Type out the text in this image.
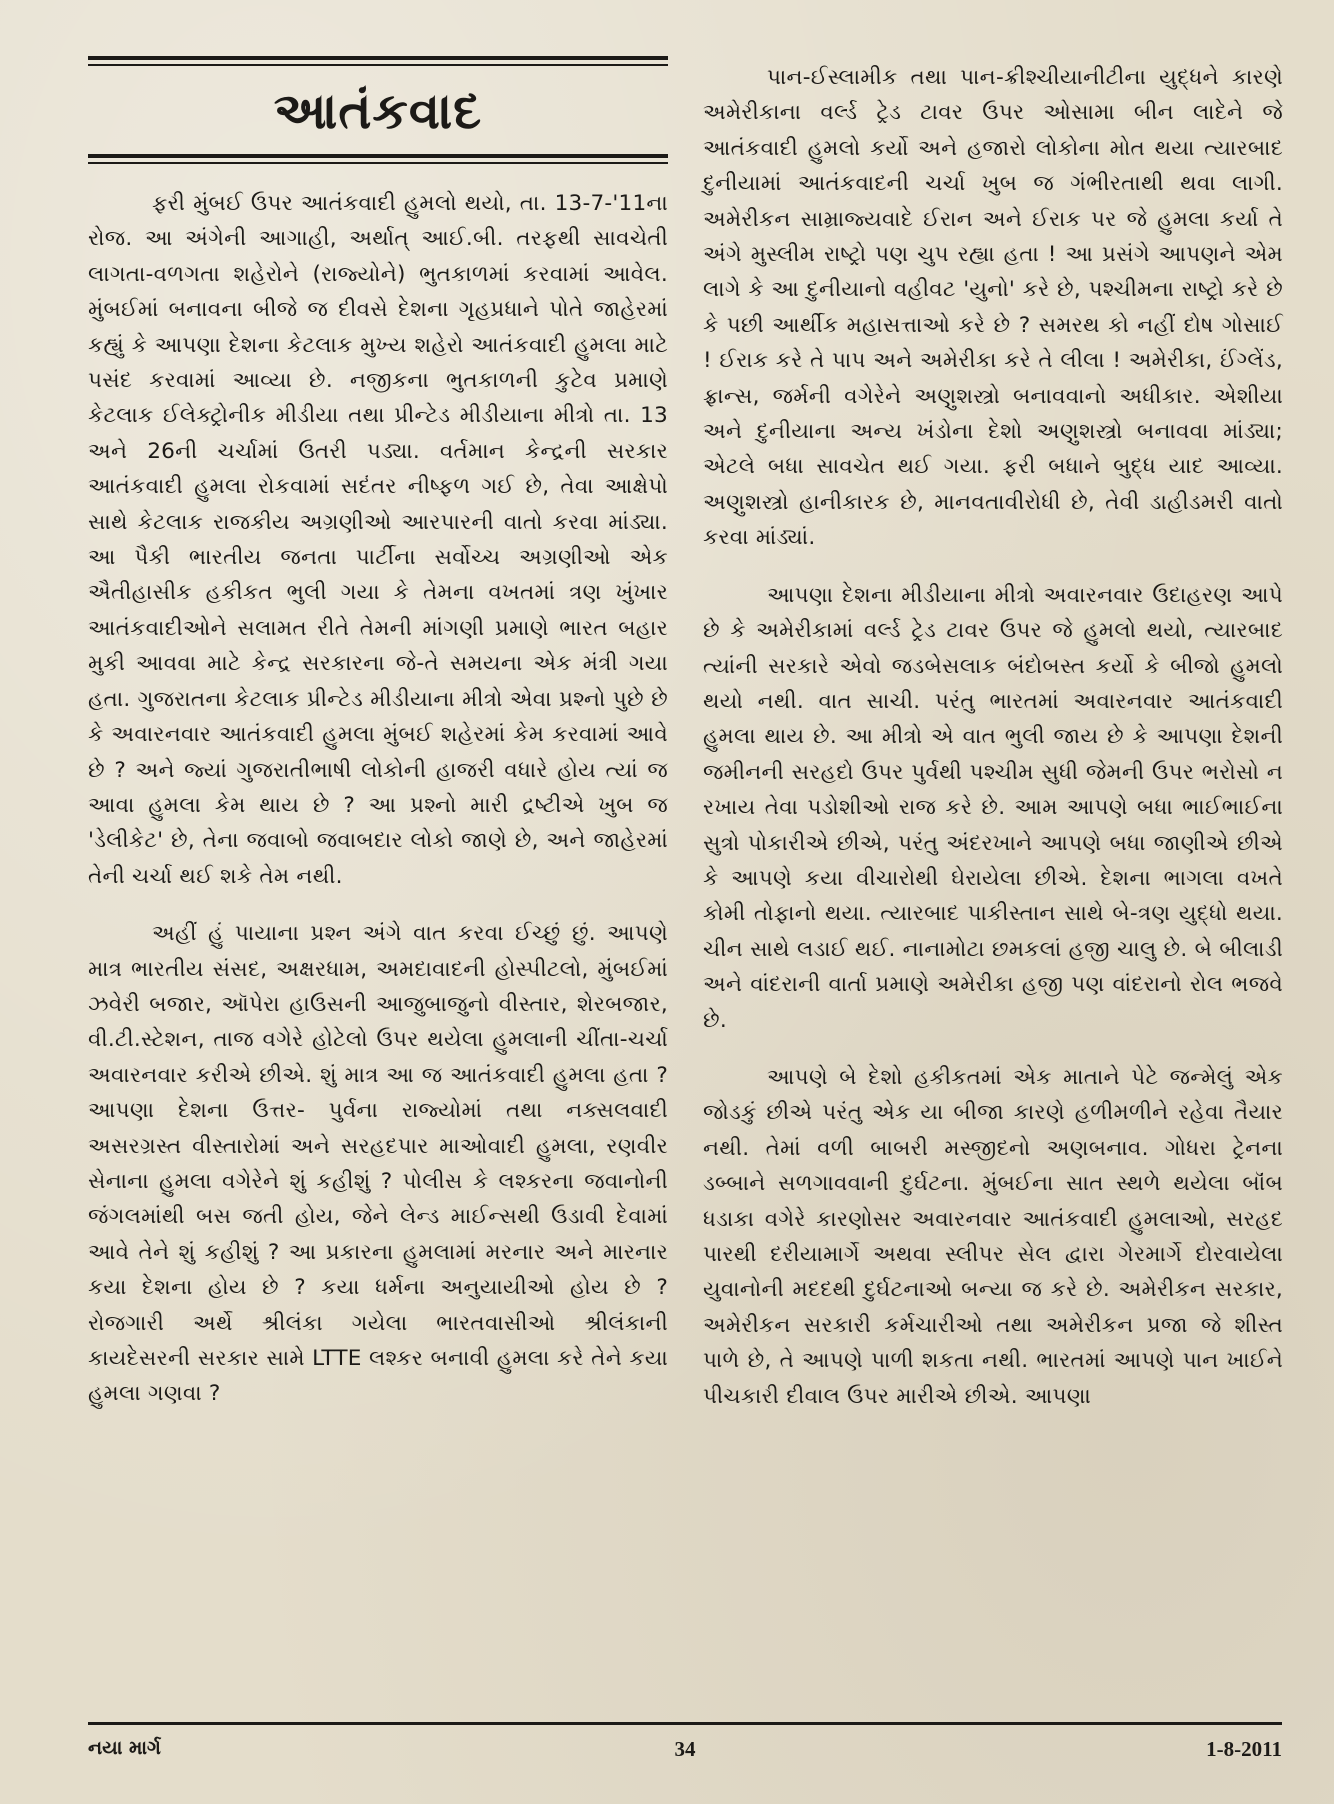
આતંકવાદ

ફરી મુંબઈ ઉપર આતંકવાદી હુમલો થયો, તા. 13-7-'11ના રોજ. આ અંગેની આગાહી, અર્થાત્ આઈ.બી. તરફથી સાવચેતી લાગતા-વળગતા શહેરોને (રાજ્યોને) ભુતકાળમાં કરવામાં આવેલ. મુંબઈમાં બનાવના બીજે જ દીવસે દેશના ગૃહપ્રધાને પોતે જાહેરમાં કહ્યું કે આપણા દેશના કેટલાક મુખ્ય શહેરો આતંકવાદી હુમલા માટે પસંદ કરવામાં આવ્યા છે. નજીકના ભુતકાળની કુટેવ પ્રમાણે કેટલાક ઈલેક્ટ્રોનીક મીડીયા તથા પ્રીન્ટેડ મીડીયાના મીત્રો તા. 13 અને 26ની ચર્ચામાં ઉતરી પડ્યા. વર્તમાન કેન્દ્રની સરકાર આતંકવાદી હુમલા રોકવામાં સદંતર નીષ્ફળ ગઈ છે, તેવા આક્ષેપો સાથે કેટલાક રાજકીય અગ્રણીઓ આરપારની વાતો કરવા માંડ્યા. આ પૈકી ભારતીય જનતા પાર્ટીના સર્વોચ્ચ અગ્રણીઓ એક ઐતીહાસીક હકીકત ભુલી ગયા કે તેમના વખતમાં ત્રણ ખુંખાર આતંકવાદીઓને સલામત રીતે તેમની માંગણી પ્રમાણે ભારત બહાર મુકી આવવા માટે કેન્દ્ર સરકારના જે-તે સમયના એક મંત્રી ગયા હતા. ગુજરાતના કેટલાક પ્રીન્ટેડ મીડીયાના મીત્રો એવા પ્રશ્નો પુછે છે કે અવારનવાર આતંકવાદી હુમલા મુંબઈ શહેરમાં કેમ કરવામાં આવે છે ? અને જ્યાં ગુજરાતીભાષી લોકોની હાજરી વધારે હોય ત્યાં જ આવા હુમલા કેમ થાય છે ? આ પ્રશ્નો મારી દ્રષ્ટીએ ખુબ જ 'ડેલીકેટ' છે, તેના જવાબો જવાબદાર લોકો જાણે છે, અને જાહેરમાં તેની ચર્ચા થઈ શકે તેમ નથી.

અહીં હું પાયાના પ્રશ્ન અંગે વાત કરવા ઈચ્છું છું. આપણે માત્ર ભારતીય સંસદ, અક્ષરધામ, અમદાવાદની હોસ્પીટલો, મુંબઈમાં ઝવેરી બજાર, ઑપેરા હાઉસની આજુબાજુનો વીસ્તાર, શેરબજાર, વી.ટી.સ્ટેશન, તાજ વગેરે હોટેલો ઉપર થયેલા હુમલાની ચીંતા-ચર્ચા અવારનવાર કરીએ છીએ. શું માત્ર આ જ આતંકવાદી હુમલા હતા ? આપણા દેશના ઉત્તર- પુર્વના રાજ્યોમાં તથા નક્સલવાદી અસરગ્રસ્ત વીસ્તારોમાં અને સરહદપાર માઓવાદી હુમલા, રણવીર સેનાના હુમલા વગેરેને શું કહીશું ? પોલીસ કે લશ્કરના જવાનોની જંગલમાંથી બસ જતી હોય, જેને લેન્ડ માઈન્સથી ઉડાવી દેવામાં આવે તેને શું કહીશું ? આ પ્રકારના હુમલામાં મરનાર અને મારનાર કયા દેશના હોય છે ? કયા ધર્મના અનુયાયીઓ હોય છે ? રોજગારી અર્થે શ્રીલંકા ગયેલા ભારતવાસીઓ શ્રીલંકાની કાયદેસરની સરકાર સામે LTTE લશ્કર બનાવી હુમલા કરે તેને કયા હુમલા ગણવા ?

પાન-ઈસ્લામીક તથા પાન-ક્રીશ્ચીયાનીટીના યુદ્ધને કારણે અમેરીકાના વર્લ્ડ ટ્રેડ ટાવર ઉપર ઓસામા બીન લાદેને જે આતંકવાદી હુમલો કર્યો અને હજારો લોકોના મોત થયા ત્યારબાદ દુનીયામાં આતંકવાદની ચર્ચા ખુબ જ ગંભીરતાથી થવા લાગી. અમેરીકન સામ્રાજ્યવાદે ઈરાન અને ઈરાક પર જે હુમલા કર્યા તે અંગે મુસ્લીમ રાષ્ટ્રો પણ ચુપ રહ્યા હતા ! આ પ્રસંગે આપણને એમ લાગે કે આ દુનીયાનો વહીવટ 'યુનો' કરે છે, પશ્ચીમના રાષ્ટ્રો કરે છે કે પછી આર્થીક મહાસત્તાઓ કરે છે ? સમરથ કો નહીં દોષ ગોસાઈ ! ઈરાક કરે તે પાપ અને અમેરીકા કરે તે લીલા ! અમેરીકા, ઈંગ્લેંડ, ફ્રાન્સ, જર્મની વગેરેને અણુશસ્ત્રો બનાવવાનો અધીકાર. એશીયા અને દુનીયાના અન્ય ખંડોના દેશો અણુશસ્ત્રો બનાવવા માંડ્યા; એટલે બધા સાવચેત થઈ ગયા. ફરી બધાને બુદ્ધ યાદ આવ્યા. અણુશસ્ત્રો હાનીકારક છે, માનવતાવીરોધી છે, તેવી ડાહીડમરી વાતો કરવા માંડ્યાં.

આપણા દેશના મીડીયાના મીત્રો અવારનવાર ઉદાહરણ આપે છે કે અમેરીકામાં વર્લ્ડ ટ્રેડ ટાવર ઉપર જે હુમલો થયો, ત્યારબાદ ત્યાંની સરકારે એવો જડબેસલાક બંદોબસ્ત કર્યો કે બીજો હુમલો થયો નથી. વાત સાચી. પરંતુ ભારતમાં અવારનવાર આતંકવાદી હુમલા થાય છે. આ મીત્રો એ વાત ભુલી જાય છે કે આપણા દેશની જમીનની સરહદો ઉપર પુર્વથી પશ્ચીમ સુધી જેમની ઉપર ભરોસો ન રખાય તેવા પડોશીઓ રાજ કરે છે. આમ આપણે બધા ભાઈભાઈના સુત્રો પોકારીએ છીએ, પરંતુ અંદરખાને આપણે બધા જાણીએ છીએ કે આપણે કયા વીચારોથી ઘેરાયેલા છીએ. દેશના ભાગલા વખતે કોમી તોફાનો થયા. ત્યારબાદ પાકીસ્તાન સાથે બે-ત્રણ યુદ્ધો થયા. ચીન સાથે લડાઈ થઈ. નાનામોટા છમકલાં હજી ચાલુ છે. બે બીલાડી અને વાંદરાની વાર્તા પ્રમાણે અમેરીકા હજી પણ વાંદરાનો રોલ ભજવે છે.

આપણે બે દેશો હકીકતમાં એક માતાને પેટે જન્મેલું એક જોડકું છીએ પરંતુ એક યા બીજા કારણે હળીમળીને રહેવા તૈયાર નથી. તેમાં વળી બાબરી મસ્જીદનો અણબનાવ. ગોધરા ટ્રેનના ડબ્બાને સળગાવવાની દુર્ઘટના. મુંબઈના સાત સ્થળે થયેલા બૉંબ ધડાકા વગેરે કારણોસર અવારનવાર આતંકવાદી હુમલાઓ, સરહદ પારથી દરીયામાર્ગે અથવા સ્લીપર સેલ દ્વારા ગેરમાર્ગે દોરવાયેલા યુવાનોની મદદથી દુર્ઘટનાઓ બન્યા જ કરે છે. અમેરીકન સરકાર, અમેરીકન સરકારી કર્મચારીઓ તથા અમેરીકન પ્રજા જે શીસ્ત પાળે છે, તે આપણે પાળી શકતા નથી. ભારતમાં આપણે પાન ખાઈને પીચકારી દીવાલ ઉપર મારીએ છીએ. આપણા

નયા માર્ગ	34	1-8-2011
